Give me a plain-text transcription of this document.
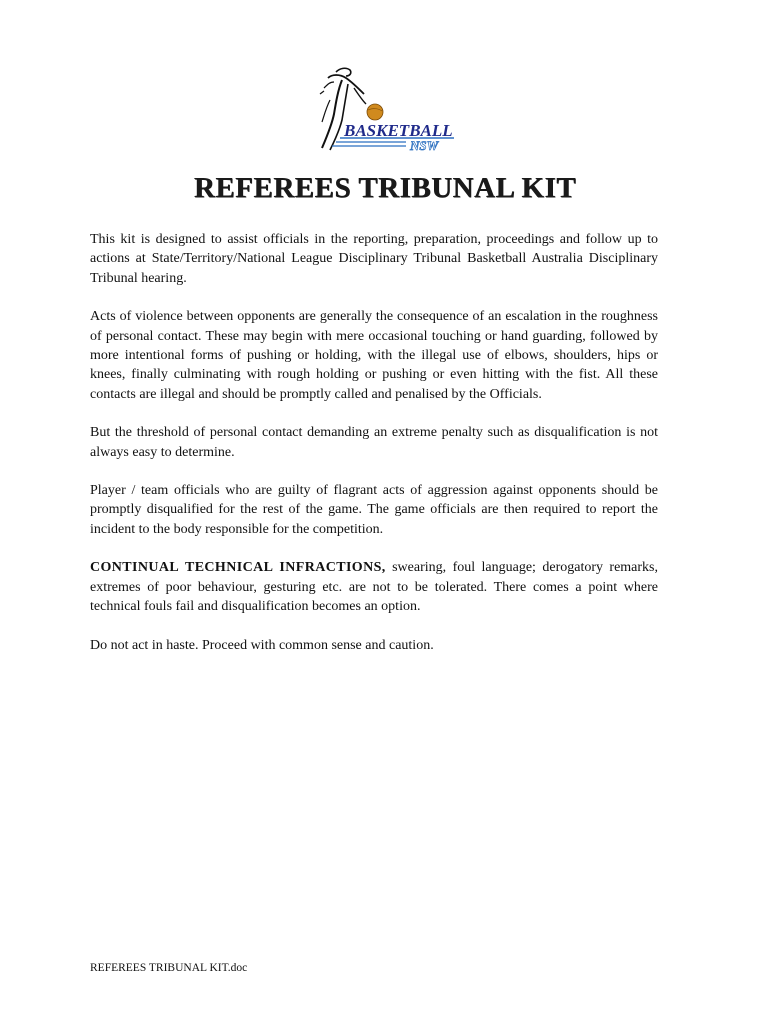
BASKETBALL
NSW
REFEREES TRIBUNAL KIT

This kit is designed to assist officials in the reporting, preparation, proceedings and follow up to actions at State/Territory/National League Disciplinary Tribunal Basketball Australia Disciplinary Tribunal hearing.

Acts of violence between opponents are generally the consequence of an escalation in the roughness of personal contact. These may begin with mere occasional touching or hand guarding, followed by more intentional forms of pushing or holding, with the illegal use of elbows, shoulders, hips or knees, finally culminating with rough holding or pushing or even hitting with the fist. All these contacts are illegal and should be promptly called and penalised by the Officials.

But the threshold of personal contact demanding an extreme penalty such as disqualification is not always easy to determine.

Player / team officials who are guilty of flagrant acts of aggression against opponents should be promptly disqualified for the rest of the game. The game officials are then required to report the incident to the body responsible for the competition.

CONTINUAL TECHNICAL INFRACTIONS, swearing, foul language; derogatory remarks, extremes of poor behaviour, gesturing etc. are not to be tolerated. There comes a point where technical fouls fail and disqualification becomes an option.

Do not act in haste. Proceed with common sense and caution.

REFEREES TRIBUNAL KIT.doc
